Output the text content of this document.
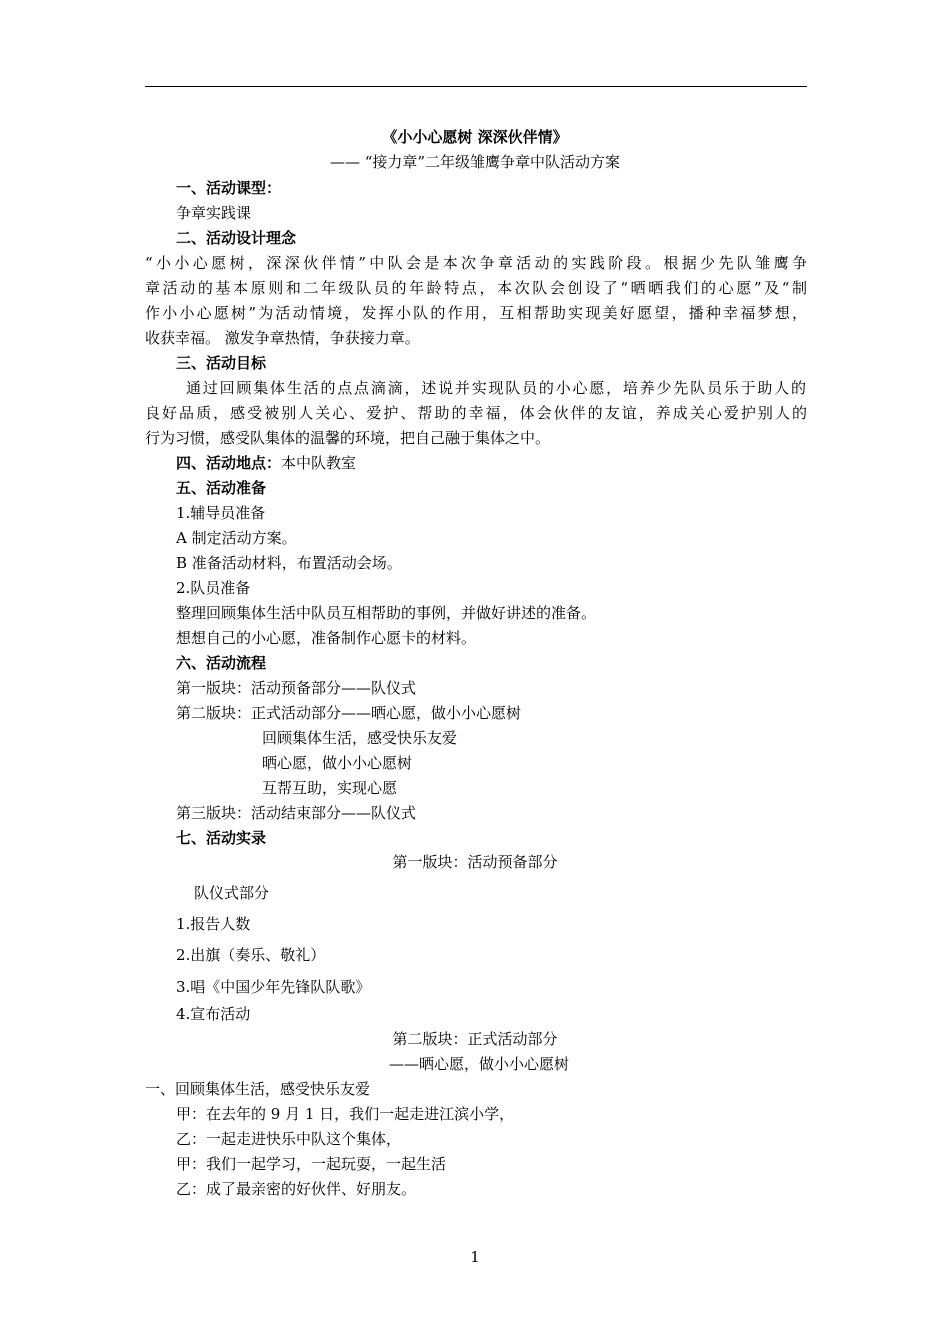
《小小心愿树 深深伙伴情》
—— “接力章”二年级雏鹰争章中队活动方案
一、活动课型：
争章实践课
二、活动设计理念
“小小心愿树，深深伙伴情”中队会是本次争章活动的实践阶段。根据少先队雏鹰争
章活动的基本原则和二年级队员的年龄特点，本次队会创设了“晒晒我们的心愿”及“制
作小小心愿树”为活动情境，发挥小队的作用，互相帮助实现美好愿望，播种幸福梦想，
收获幸福。 激发争章热情，争获接力章。
三、活动目标
通过回顾集体生活的点点滴滴，述说并实现队员的小心愿，培养少先队员乐于助人的
良好品质，感受被别人关心、爱护、帮助的幸福，体会伙伴的友谊，养成关心爱护别人的
行为习惯，感受队集体的温馨的环境，把自己融于集体之中。
四、活动地点：本中队教室
五、活动准备
1.辅导员准备
A 制定活动方案。
B 准备活动材料，布置活动会场。
2.队员准备
整理回顾集体生活中队员互相帮助的事例，并做好讲述的准备。
想想自己的小心愿，准备制作心愿卡的材料。
六、活动流程
第一版块：活动预备部分——队仪式
第二版块：正式活动部分——晒心愿，做小小心愿树
回顾集体生活，感受快乐友爱
晒心愿，做小小心愿树
互帮互助，实现心愿
第三版块：活动结束部分——队仪式
七、活动实录
第一版块：活动预备部分
队仪式部分
1.报告人数
2.出旗（奏乐、敬礼）
3.唱《中国少年先锋队队歌》
4.宣布活动
第二版块：正式活动部分
——晒心愿，做小小心愿树
一、回顾集体生活，感受快乐友爱
甲：在去年的 9 月 1 日，我们一起走进江滨小学，
乙：一起走进快乐中队这个集体，
甲：我们一起学习，一起玩耍，一起生活
乙：成了最亲密的好伙伴、好朋友。
1
